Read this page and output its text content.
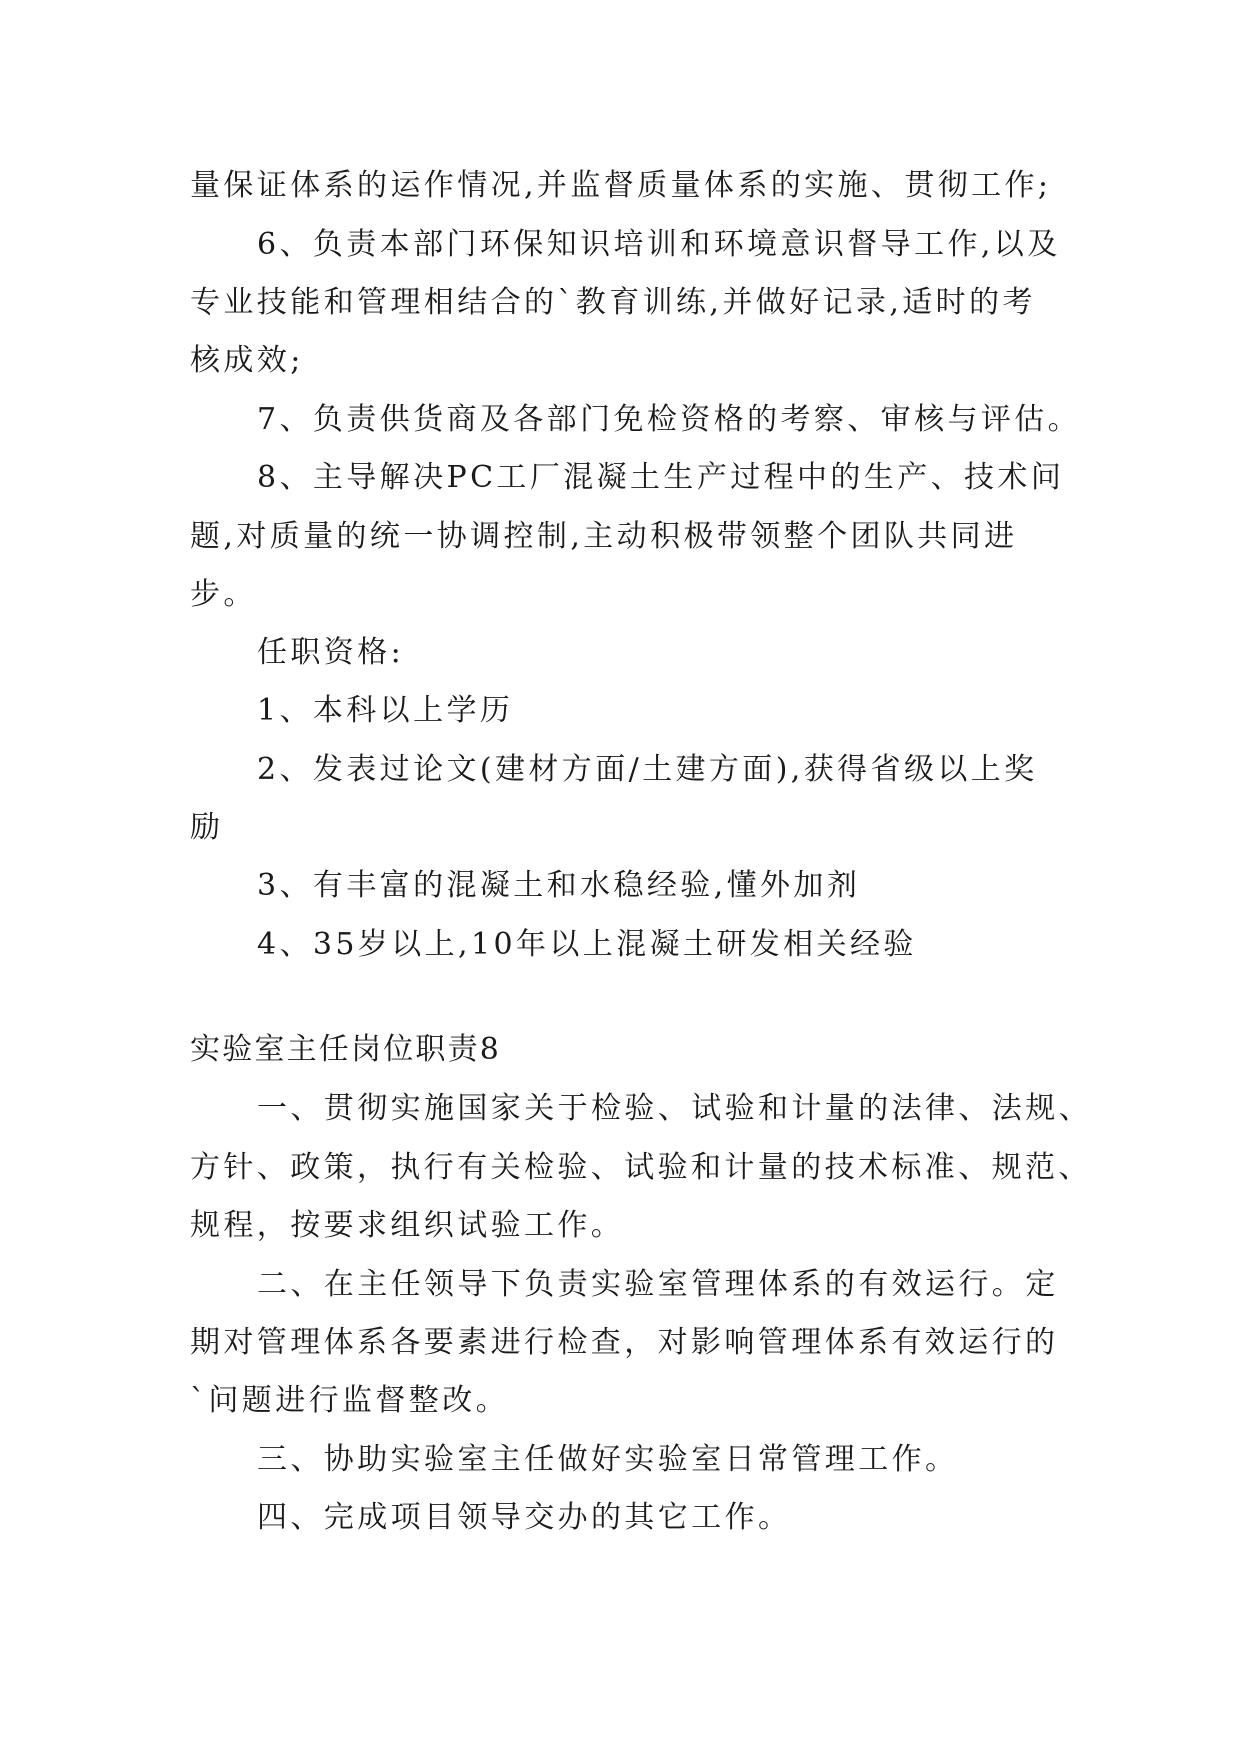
量保证体系的运作情况,并监督质量体系的实施、贯彻工作;
6、负责本部门环保知识培训和环境意识督导工作,以及
专业技能和管理相结合的`教育训练,并做好记录,适时的考
核成效;
7、负责供货商及各部门免检资格的考察、审核与评估。
8、主导解决PC工厂混凝土生产过程中的生产、技术问
题,对质量的统一协调控制,主动积极带领整个团队共同进
步。
任职资格:
1、本科以上学历
2、发表过论文(建材方面/土建方面),获得省级以上奖
励
3、有丰富的混凝土和水稳经验,懂外加剂
4、35岁以上,10年以上混凝土研发相关经验
实验室主任岗位职责8
一、贯彻实施国家关于检验、试验和计量的法律、法规、
方针、政策，执行有关检验、试验和计量的技术标准、规范、
规程，按要求组织试验工作。
二、在主任领导下负责实验室管理体系的有效运行。定
期对管理体系各要素进行检查，对影响管理体系有效运行的
`问题进行监督整改。
三、协助实验室主任做好实验室日常管理工作。
四、完成项目领导交办的其它工作。
